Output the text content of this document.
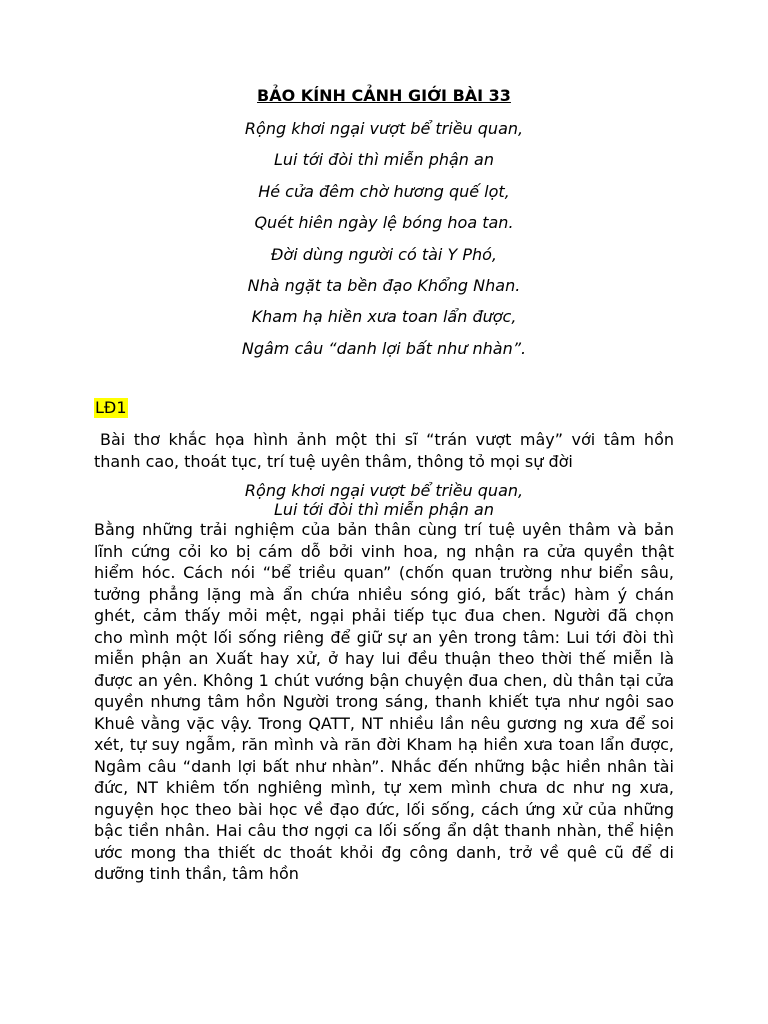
BẢO KÍNH CẢNH GIỚI BÀI 33
Rộng khơi ngại vượt bể triều quan,
Lui tới đòi thì miễn phận an
Hé cửa đêm chờ hương quế lọt,
Quét hiên ngày lệ bóng hoa tan.
Đời dùng người có tài Y Phó,
Nhà ngặt ta bền đạo Khổng Nhan.
Kham hạ hiền xưa toan lẩn được,
Ngâm câu “danh lợi bất như nhàn”.
LĐ1
Bài thơ khắc họa hình ảnh một thi sĩ “trán vượt mây” với tâm hồn thanh cao, thoát tục, trí tuệ uyên thâm, thông tỏ mọi sự đời
Rộng khơi ngại vượt bể triều quan,
Lui tới đòi thì miễn phận an
Bằng những trải nghiệm của bản thân cùng trí tuệ uyên thâm và bản lĩnh cứng cỏi ko bị cám dỗ bởi vinh hoa, ng nhận ra cửa quyền thật hiểm hóc. Cách nói “bể triều quan” (chốn quan trường như biển sâu, tưởng phẳng lặng mà ẩn chứa nhiều sóng gió, bất trắc) hàm ý chán ghét, cảm thấy mỏi mệt, ngại phải tiếp tục đua chen. Người đã chọn cho mình một lối sống riêng để giữ sự an yên trong tâm: Lui tới đòi thì miễn phận an Xuất hay xử, ở hay lui đều thuận theo thời thế miễn là được an yên. Không 1 chút vướng bận chuyện đua chen, dù thân tại cửa quyền nhưng tâm hồn Người trong sáng, thanh khiết tựa như ngôi sao Khuê vằng vặc vậy. Trong QATT, NT nhiều lần nêu gương ng xưa để soi xét, tự suy ngẫm, răn mình và răn đời Kham hạ hiền xưa toan lẩn được, Ngâm câu “danh lợi bất như nhàn”. Nhắc đến những bậc hiền nhân tài đức, NT khiêm tốn nghiêng mình, tự xem mình chưa dc như ng xưa, nguyện học theo bài học về đạo đức, lối sống, cách ứng xử của những bậc tiền nhân. Hai câu thơ ngợi ca lối sống ẩn dật thanh nhàn, thể hiện ước mong tha thiết dc thoát khỏi đg công danh, trở về quê cũ để di dưỡng tinh thần, tâm hồn
